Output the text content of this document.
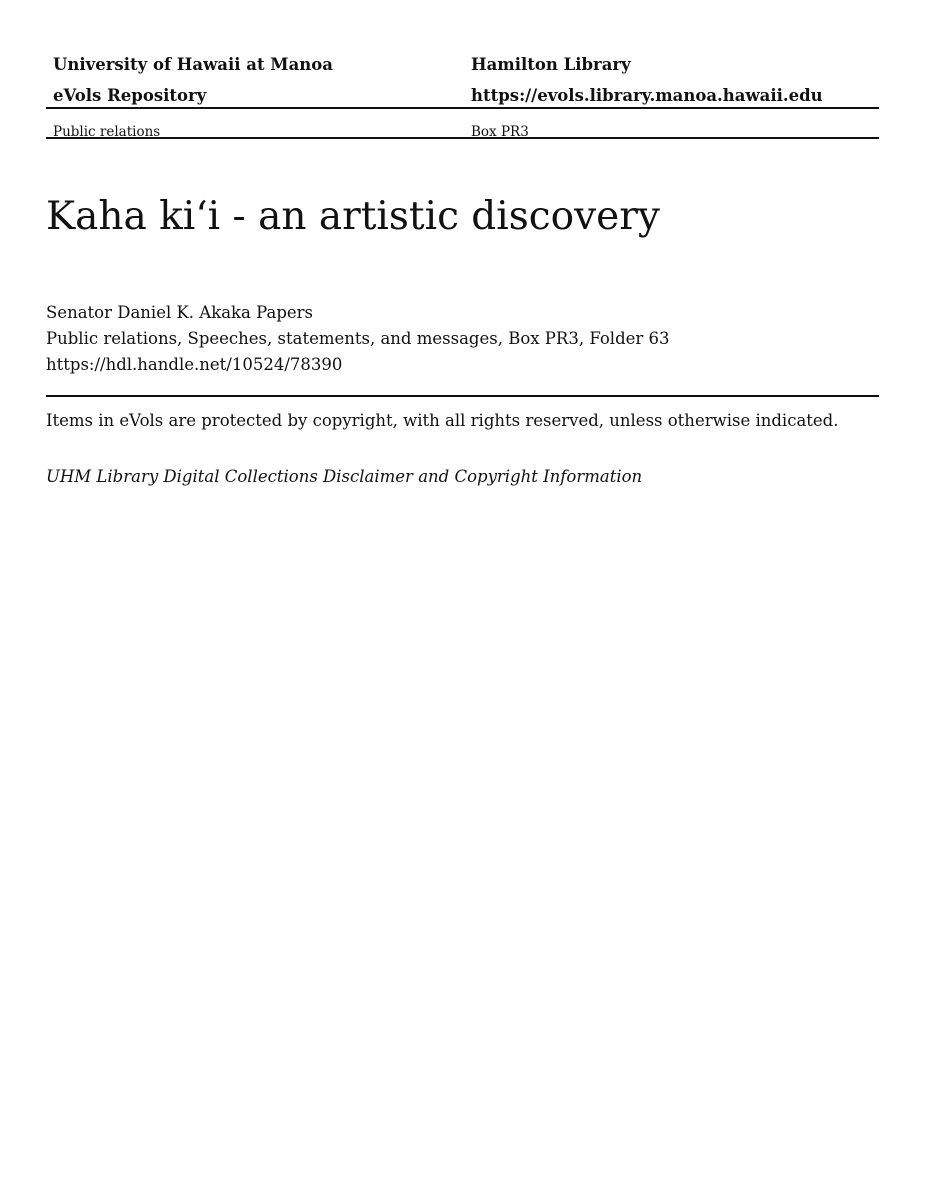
University of Hawaii at Manoa	Hamilton Library
eVols Repository	https://evols.library.manoa.hawaii.edu
Public relations	Box PR3
Kaha kiʻi - an artistic discovery
Senator Daniel K. Akaka Papers
Public relations, Speeches, statements, and messages, Box PR3, Folder 63
https://hdl.handle.net/10524/78390
Items in eVols are protected by copyright, with all rights reserved, unless otherwise indicated.
UHM Library Digital Collections Disclaimer and Copyright Information
